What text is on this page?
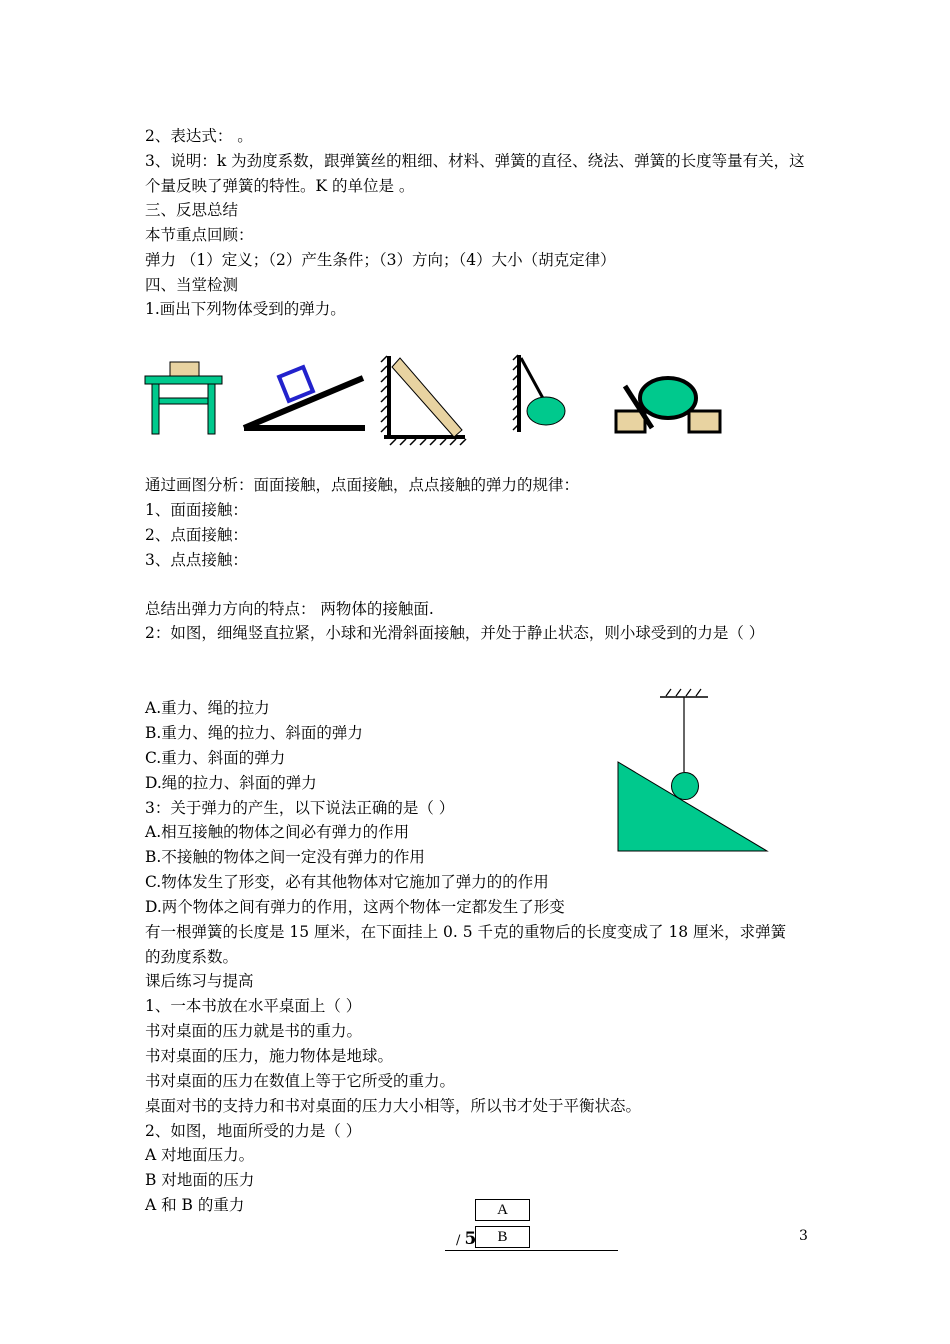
2、表达式： 。
3、说明：k 为劲度系数，跟弹簧丝的粗细、材料、弹簧的直径、绕法、弹簧的长度等量有关，这
个量反映了弹簧的特性。K 的单位是 。
三、反思总结
本节重点回顾：
弹力 （1）定义；（2）产生条件；（3）方向；（4）大小（胡克定律）
四、当堂检测
1.画出下列物体受到的弹力。
通过画图分析：面面接触，点面接触，点点接触的弹力的规律：
1、面面接触：
2、点面接触：
3、点点接触：
总结出弹力方向的特点： 两物体的接触面.
2：如图，细绳竖直拉紧，小球和光滑斜面接触，并处于静止状态，则小球受到的力是（ ）
A.重力、绳的拉力
B.重力、绳的拉力、斜面的弹力
C.重力、斜面的弹力
D.绳的拉力、斜面的弹力
3：关于弹力的产生，以下说法正确的是（ ）
A.相互接触的物体之间必有弹力的作用
B.不接触的物体之间一定没有弹力的作用
C.物体发生了形变，必有其他物体对它施加了弹力的的作用
D.两个物体之间有弹力的作用，这两个物体一定都发生了形变
有一根弹簧的长度是 15 厘米，在下面挂上 0. 5 千克的重物后的长度变成了 18 厘米，求弹簧
的劲度系数。
课后练习与提高
1、一本书放在水平桌面上（ ）
书对桌面的压力就是书的重力。
书对桌面的压力，施力物体是地球。
书对桌面的压力在数值上等于它所受的重力。
桌面对书的支持力和书对桌面的压力大小相等，所以书才处于平衡状态。
2、如图，地面所受的力是（ ）
A 对地面压力。
B 对地面的压力
A 和 B 的重力	A
B
/ 5	3
